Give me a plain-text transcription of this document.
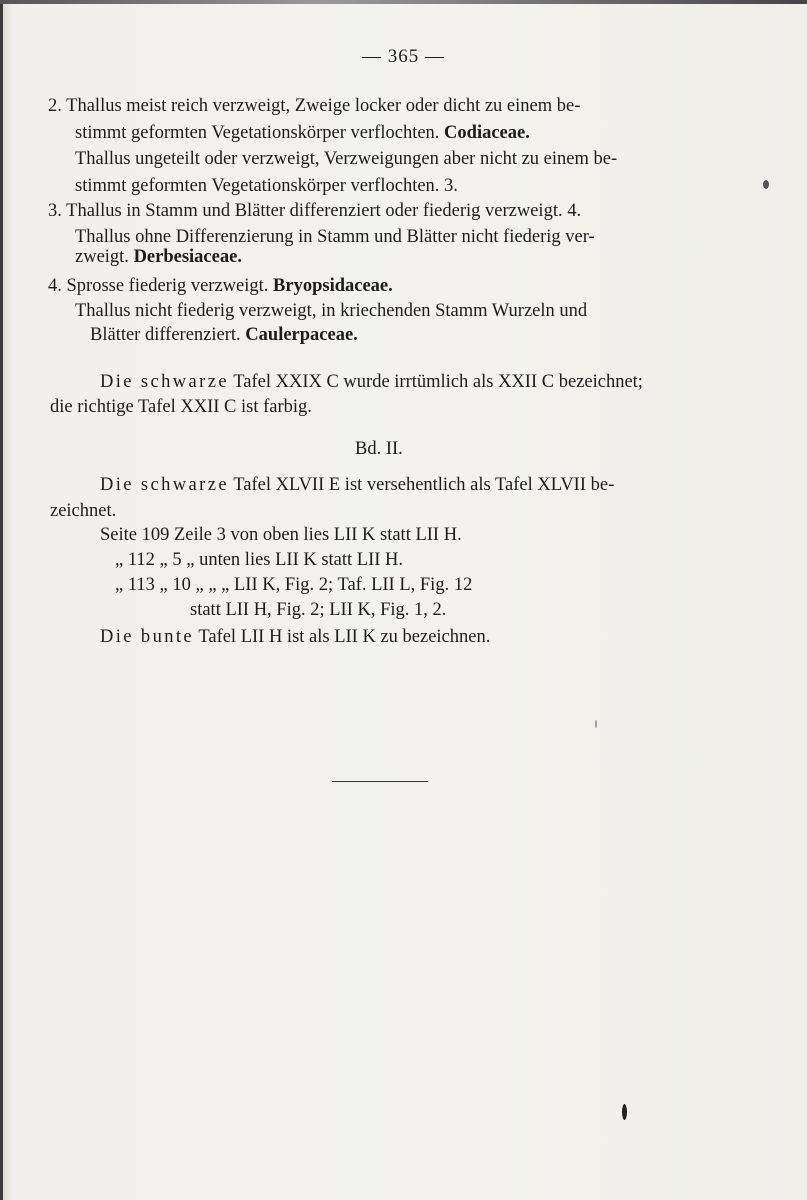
— 365 —
2. Thallus meist reich verzweigt, Zweige locker oder dicht zu einem be-
stimmt geformten Vegetationskörper verflochten. Codiaceae.
Thallus ungeteilt oder verzweigt, Verzweigungen aber nicht zu einem be-
stimmt geformten Vegetationskörper verflochten. 3.
3. Thallus in Stamm und Blätter differenziert oder fiederig verzweigt. 4.
Thallus ohne Differenzierung in Stamm und Blätter nicht fiederig ver-
zweigt. Derbesiaceae.
4. Sprosse fiederig verzweigt. Bryopsidaceae.
Thallus nicht fiederig verzweigt, in kriechenden Stamm Wurzeln und
Blätter differenziert. Caulerpaceae.
Die schwarze Tafel XXIX C wurde irrtümlich als XXII C bezeichnet;
die richtige Tafel XXII C ist farbig.
Bd. II.
Die schwarze Tafel XLVII E ist versehentlich als Tafel XLVII be-
zeichnet.
Seite 109 Zeile 3 von oben lies LII K statt LII H.
„ 112 „ 5 „ unten lies LII K statt LII H.
„ 113 „ 10 „ „ „ LII K, Fig. 2; Taf. LII L, Fig. 12
statt LII H, Fig. 2; LII K, Fig. 1, 2.
Die bunte Tafel LII H ist als LII K zu bezeichnen.
